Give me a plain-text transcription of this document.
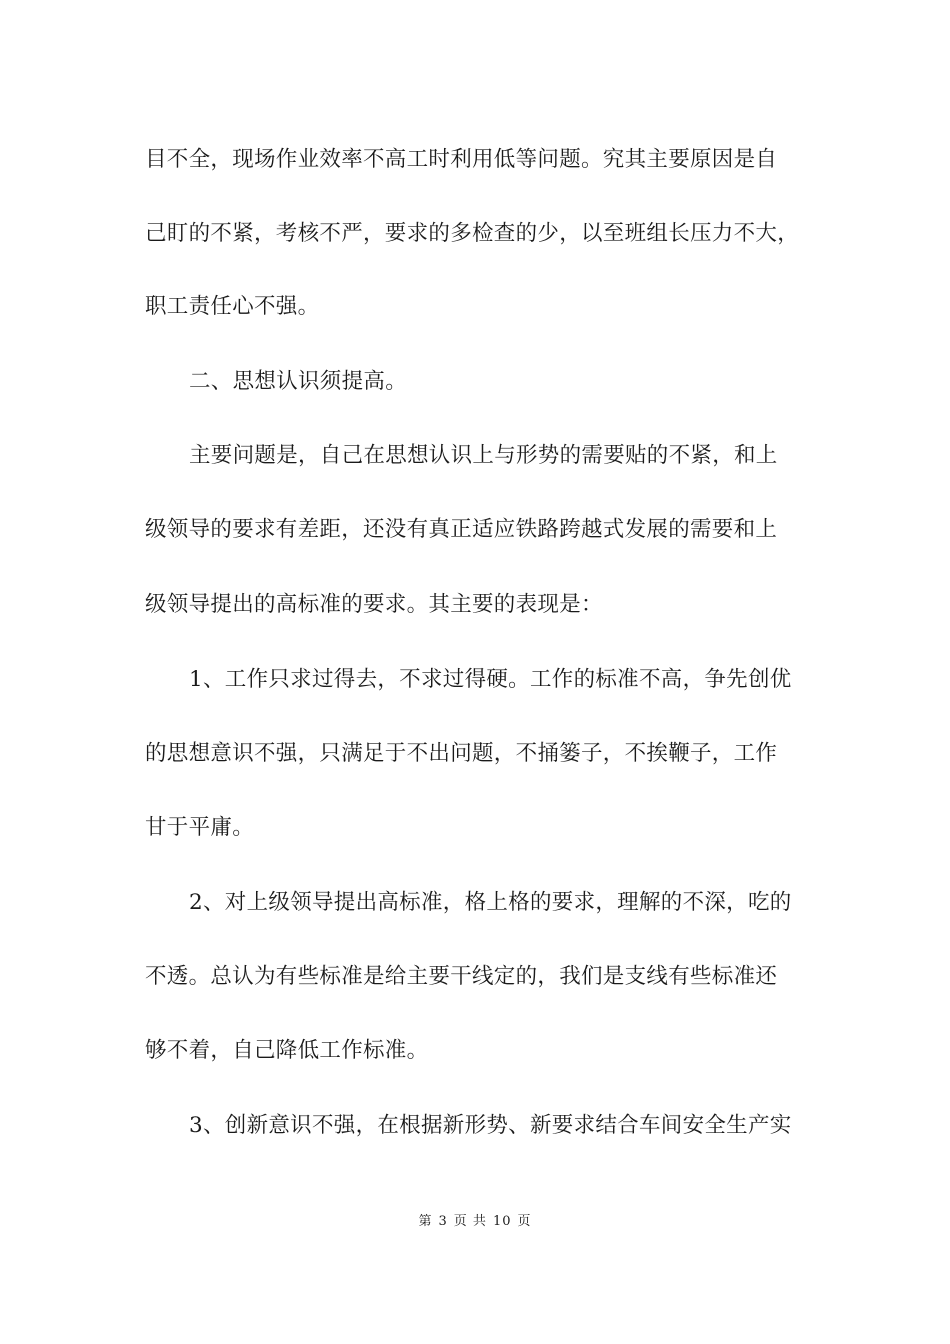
目不全，现场作业效率不高工时利用低等问题。究其主要原因是自
己盯的不紧，考核不严，要求的多检查的少，以至班组长压力不大，
职工责任心不强。
二、思想认识须提高。
主要问题是，自己在思想认识上与形势的需要贴的不紧，和上
级领导的要求有差距，还没有真正适应铁路跨越式发展的需要和上
级领导提出的高标准的要求。其主要的表现是：
1、工作只求过得去，不求过得硬。工作的标准不高，争先创优
的思想意识不强，只满足于不出问题，不捅篓子，不挨鞭子，工作
甘于平庸。
2、对上级领导提出高标准，格上格的要求，理解的不深，吃的
不透。总认为有些标准是给主要干线定的，我们是支线有些标准还
够不着，自己降低工作标准。
3、创新意识不强，在根据新形势、新要求结合车间安全生产实
第 3 页 共 10 页
